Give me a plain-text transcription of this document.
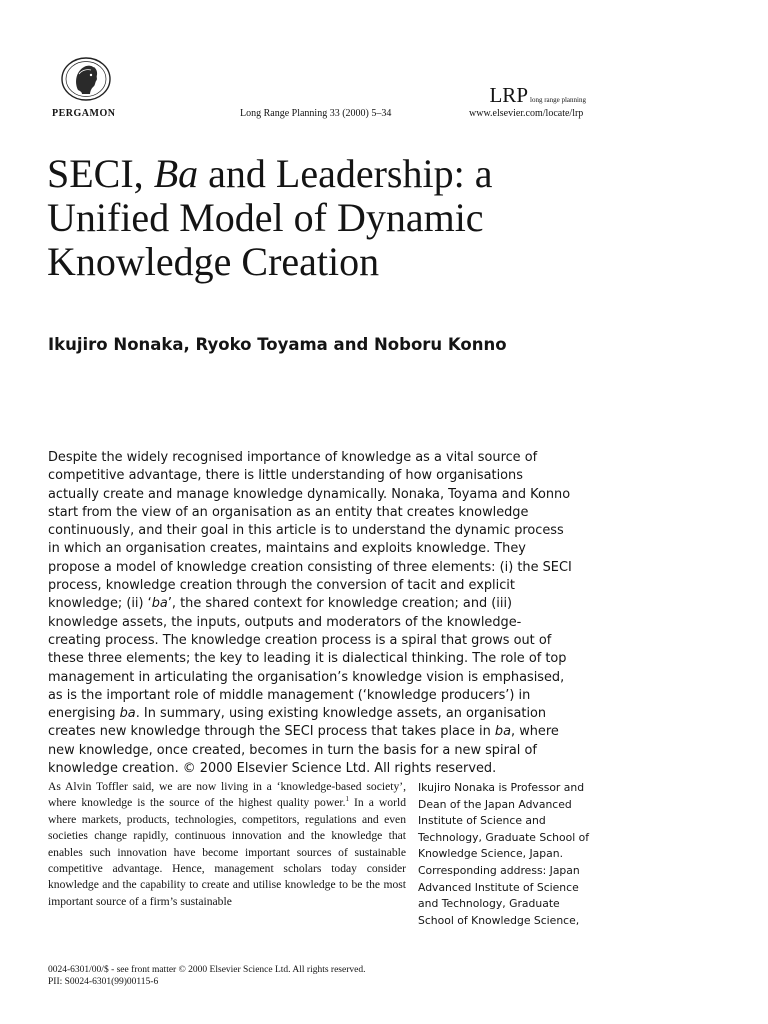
PERGAMON	Long Range Planning 33 (2000) 5–34
LRP long range planning
www.elsevier.com/locate/lrp
SECI, Ba and Leadership: a Unified Model of Dynamic Knowledge Creation

Ikujiro Nonaka, Ryoko Toyama and Noboru Konno

Despite the widely recognised importance of knowledge as a vital source of competitive advantage, there is little understanding of how organisations actually create and manage knowledge dynamically. Nonaka, Toyama and Konno start from the view of an organisation as an entity that creates knowledge continuously, and their goal in this article is to understand the dynamic process in which an organisation creates, maintains and exploits knowledge. They propose a model of knowledge creation consisting of three elements: (i) the SECI process, knowledge creation through the conversion of tacit and explicit knowledge; (ii) ‘ba’, the shared context for knowledge creation; and (iii) knowledge assets, the inputs, outputs and moderators of the knowledge-creating process. The knowledge creation process is a spiral that grows out of these three elements; the key to leading it is dialectical thinking. The role of top management in articulating the organisation’s knowledge vision is emphasised, as is the important role of middle management (‘knowledge producers’) in energising ba. In summary, using existing knowledge assets, an organisation creates new knowledge through the SECI process that takes place in ba, where new knowledge, once created, becomes in turn the basis for a new spiral of knowledge creation. © 2000 Elsevier Science Ltd. All rights reserved.

As Alvin Toffler said, we are now living in a ‘knowledge-based society’, where knowledge is the source of the highest quality power.$^1$ In a world where markets, products, technologies, competitors, regulations and even societies change rapidly, continuous innovation and the knowledge that enables such innovation have become important sources of sustainable competitive advantage. Hence, management scholars today consider knowledge and the capability to create and utilise knowledge to be the most important source of a firm’s sustainable

Ikujiro Nonaka is Professor and Dean of the Japan Advanced Institute of Science and Technology, Graduate School of Knowledge Science, Japan. Corresponding address: Japan Advanced Institute of Science and Technology, Graduate School of Knowledge Science,

0024-6301/00/$ - see front matter © 2000 Elsevier Science Ltd. All rights reserved.
PII: S0024-6301(99)00115-6
